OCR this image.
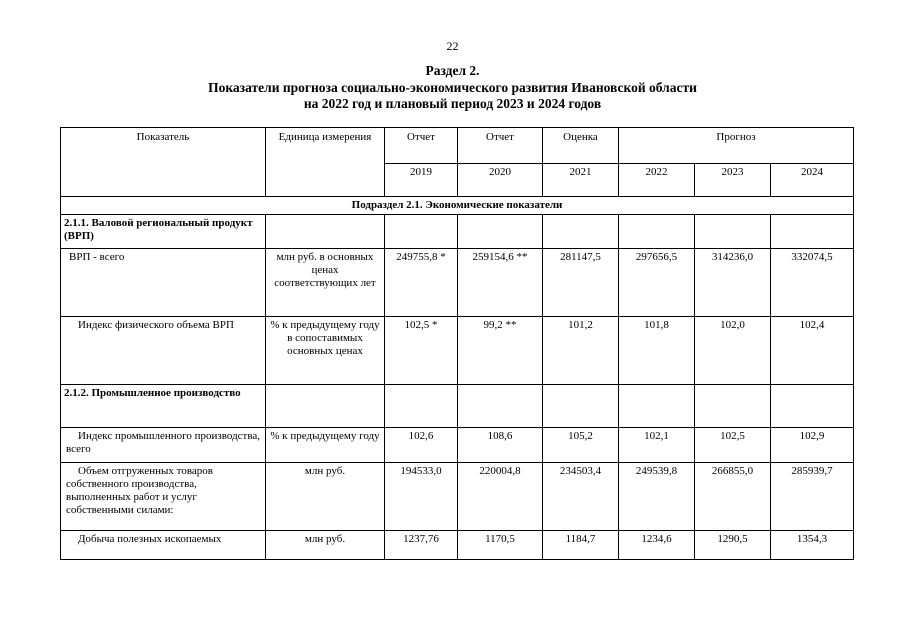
22
Раздел 2.
Показатели прогноза социально-экономического развития Ивановской области
на 2022 год и плановый период 2023 и 2024 годов
Показатель	Единица измерения	Отчет	Отчет	Оценка	Прогноз		
		2019	2020	2021	2022	2023	2024
Подраздел 2.1. Экономические показатели							
2.1.1. Валовой региональный продукт (ВРП)							
ВРП - всего	млн руб. в основных ценах соответствующих лет	249755,8 *	259154,6 **	281147,5	297656,5	314236,0	332074,5
Индекс физического объема ВРП	% к предыдущему году в сопоставимых основных ценах	102,5 *	99,2 **	101,2	101,8	102,0	102,4
2.1.2. Промышленное производство							
Индекс промышленного производства, всего	% к предыдущему году	102,6	108,6	105,2	102,1	102,5	102,9
Объем отгруженных товаров собственного производства, выполненных работ и услуг собственными силами:	млн руб.	194533,0	220004,8	234503,4	249539,8	266855,0	285939,7
Добыча полезных ископаемых	млн руб.	1237,76	1170,5	1184,7	1234,6	1290,5	1354,3
